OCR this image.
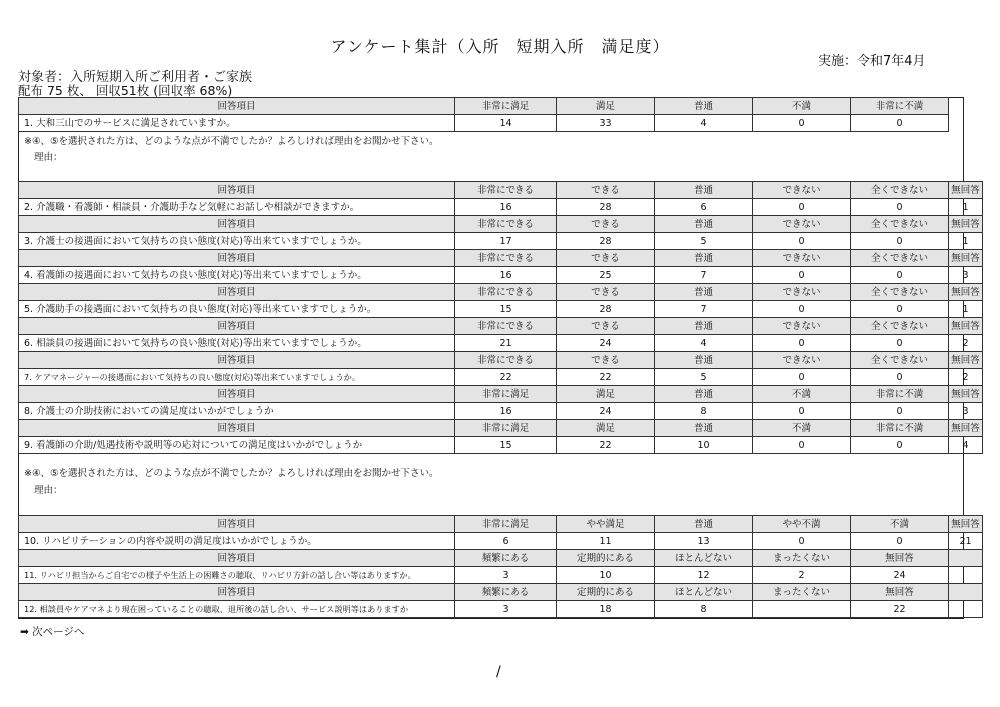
アンケート集計（入所　短期入所　満足度）
実施：令和7年4月
対象者：入所短期入所ご利用者・ご家族
配布 75 枚、 回収51枚 (回収率 68%)
回答項目	非常に満足	満足	普通	不満	非常に不満
1. 大和三山でのサービスに満足されていますか。	14	33	4	0	0
※④、⑤を選択された方は、どのような点が不満でしたか？よろしければ理由をお聞かせ下さい。
理由：
回答項目	非常にできる	できる	普通	できない	全くできない	無回答
2. 介護職・看護師・相談員・介護助手など気軽にお話しや相談ができますか。	16	28	6	0	0	1
回答項目	非常にできる	できる	普通	できない	全くできない	無回答
3. 介護士の接遇面において気持ちの良い態度(対応)等出来ていますでしょうか。	17	28	5	0	0	1
回答項目	非常にできる	できる	普通	できない	全くできない	無回答
4. 看護師の接遇面において気持ちの良い態度(対応)等出来ていますでしょうか。	16	25	7	0	0	3
回答項目	非常にできる	できる	普通	できない	全くできない	無回答
5. 介護助手の接遇面において気持ちの良い態度(対応)等出来ていますでしょうか。	15	28	7	0	0	1
回答項目	非常にできる	できる	普通	できない	全くできない	無回答
6. 相談員の接遇面において気持ちの良い態度(対応)等出来ていますでしょうか。	21	24	4	0	0	2
回答項目	非常にできる	できる	普通	できない	全くできない	無回答
7. ケアマネージャーの接遇面において気持ちの良い態度(対応)等出来ていますでしょうか。	22	22	5	0	0	2
回答項目	非常に満足	満足	普通	不満	非常に不満	無回答
8. 介護士の介助技術においての満足度はいかがでしょうか	16	24	8	0	0	3
回答項目	非常に満足	満足	普通	不満	非常に不満	無回答
9. 看護師の介助/処遇技術や説明等の応対についての満足度はいかがでしょうか	15	22	10	0	0	4
※④、⑤を選択された方は、どのような点が不満でしたか？よろしければ理由をお聞かせ下さい。
理由：
回答項目	非常に満足	やや満足	普通	やや不満	不満	無回答
10. リハビリテーションの内容や説明の満足度はいかがでしょうか。	6	11	13	0	0	21
回答項目	頻繁にある	定期的にある	ほとんどない	まったくない	無回答	
11. リハビリ担当からご自宅での様子や生活上の困難さの聴取、リハビリ方針の話し合い等はありますか。	3	10	12	2	24	
回答項目	頻繁にある	定期的にある	ほとんどない	まったくない	無回答	
12. 相談員やケアマネより現在困っていることの聴取、退所後の話し合い、サービス説明等はありますか	3	18	8		22	
➡ 次ページへ
/
